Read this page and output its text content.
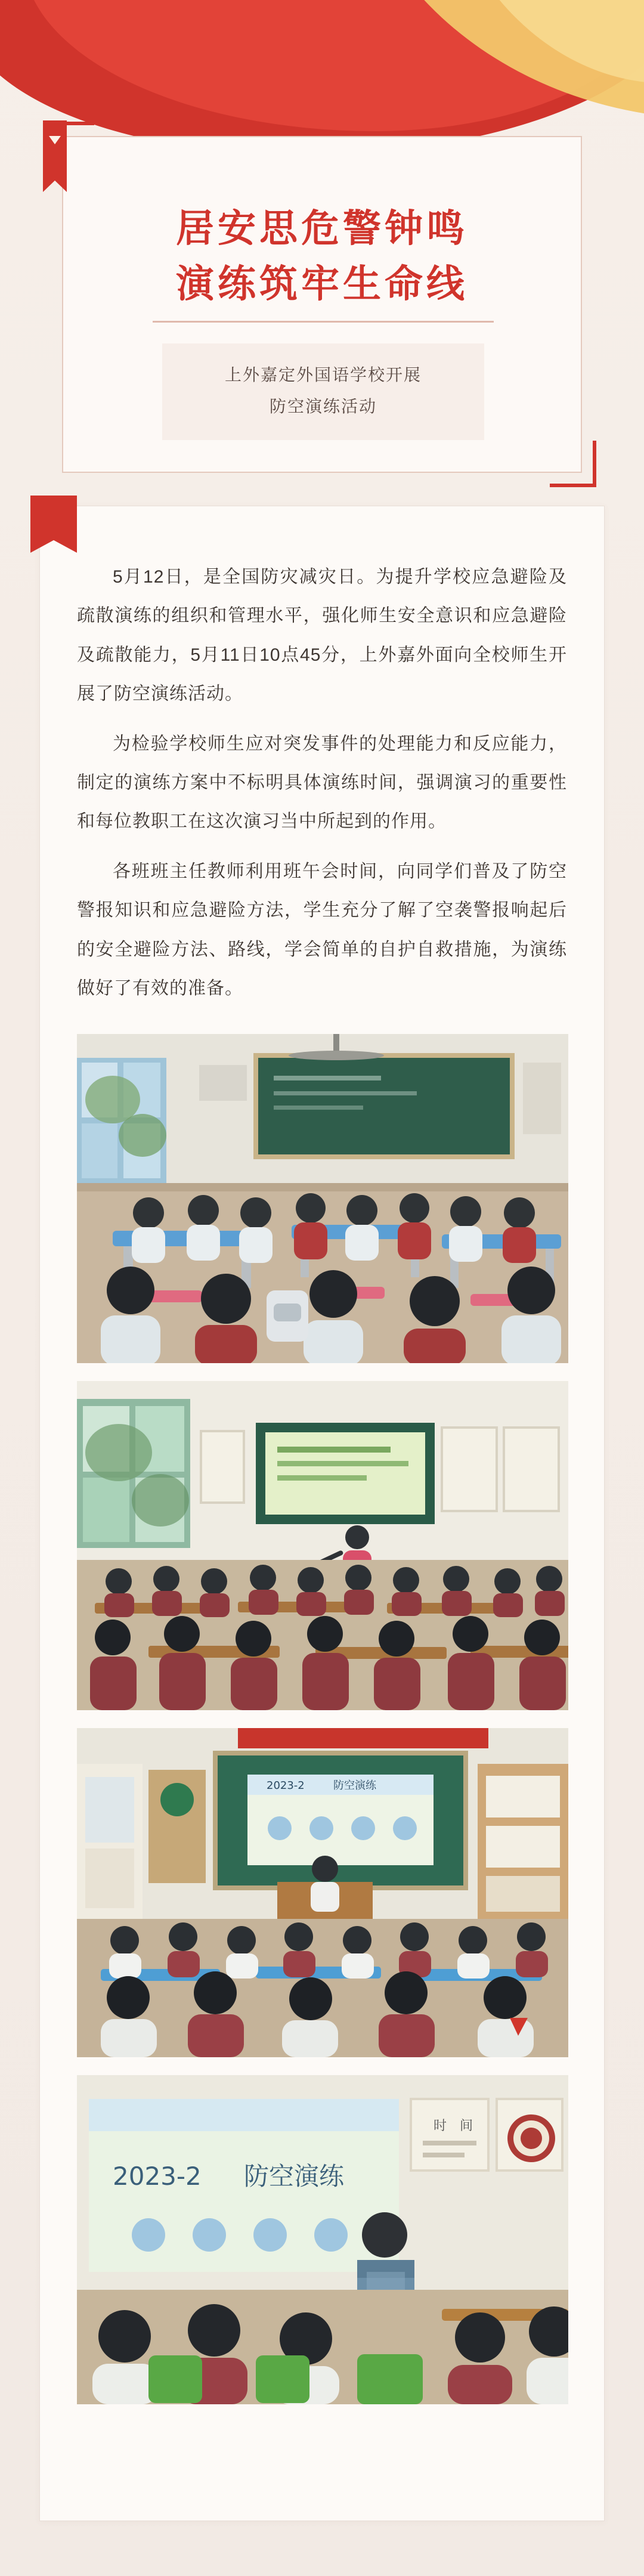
居安思危警钟鸣
演练筑牢生命线
上外嘉定外国语学校开展
防空演练活动

5月12日，是全国防灾减灾日。为提升学校应急避险及疏散演练的组织和管理水平，强化师生安全意识和应急避险及疏散能力，5月11日10点45分，上外嘉外面向全校师生开展了防空演练活动。

为检验学校师生应对突发事件的处理能力和反应能力，制定的演练方案中不标明具体演练时间，强调演习的重要性和每位教职工在这次演习当中所起到的作用。

各班班主任教师利用班午会时间，向同学们普及了防空警报知识和应急避险方法，学生充分了解了空袭警报响起后的安全避险方法、路线，学会简单的自护自救措施，为演练做好了有效的准备。

2023-2	防空演练
2023-2 防空演练
时　间
